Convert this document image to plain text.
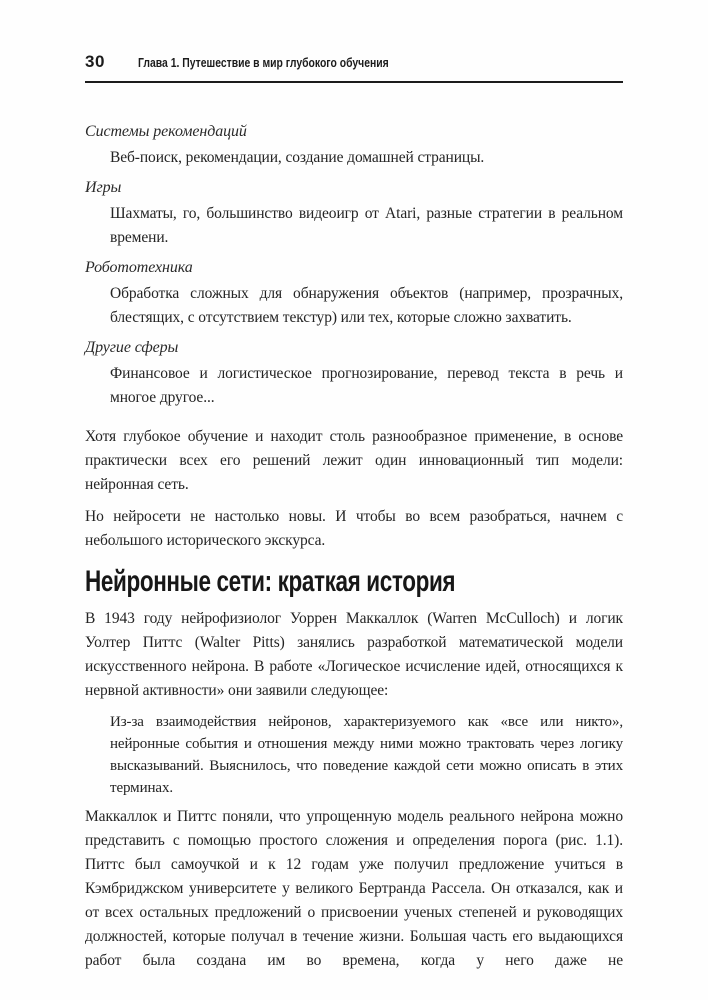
30	Глава 1. Путешествие в мир глубокого обучения
Системы рекомендаций
Веб-поиск, рекомендации, создание домашней страницы.
Игры
Шахматы, го, большинство видеоигр от Atari, разные стратегии в реальном времени.
Робототехника
Обработка сложных для обнаружения объектов (например, прозрачных, блестящих, с отсутствием текстур) или тех, которые сложно захватить.
Другие сферы
Финансовое и логистическое прогнозирование, перевод текста в речь и многое другое...

Хотя глубокое обучение и находит столь разнообразное применение, в основе практически всех его решений лежит один инновационный тип модели: нейронная сеть.

Но нейросети не настолько новы. И чтобы во всем разобраться, начнем с небольшого исторического экскурса.

Нейронные сети: краткая история

В 1943 году нейрофизиолог Уоррен Маккаллок (Warren McCulloch) и логик Уолтер Питтс (Walter Pitts) занялись разработкой математической модели искусственного нейрона. В работе «Логическое исчисление идей, относящихся к нервной активности» они заявили следующее:

Из-за взаимодействия нейронов, характеризуемого как «все или никто», нейронные события и отношения между ними можно трактовать через логику высказываний. Выяснилось, что поведение каждой сети можно описать в этих терминах.

Маккаллок и Питтс поняли, что упрощенную модель реального нейрона можно представить с помощью простого сложения и определения порога (рис. 1.1). Питтс был самоучкой и к 12 годам уже получил предложение учиться в Кэмбриджском университете у великого Бертранда Рассела. Он отказался, как и от всех остальных предложений о присвоении ученых степеней и руководящих должностей, которые получал в течение жизни. Большая часть его выдающихся работ была создана им во времена, когда у него даже не
